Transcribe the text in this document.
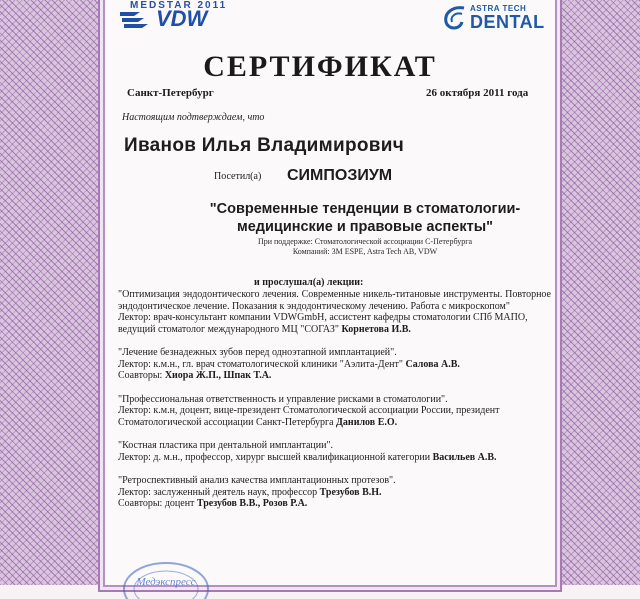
VDW	ASTRA TECH
DENTAL
СЕРТИФИКАТ
Санкт-Петербург	26 октября 2011 года
Настоящим подтверждаем, что
Иванов Илья Владимирович
Посетил(а) СИМПОЗИУМ
"Современные тенденции в стоматологии-
медицинские и правовые аспекты"
При поддержке: Стоматологической ассоциации С-Петербурга
Компаний: 3M ESPE, Astra Tech AB, VDW
и прослушал(а) лекции:
"Оптимизация эндодонтического лечения. Современные никель-титановые инструменты. Повторное эндодонтическое лечение. Показания к эндодонтическому лечению. Работа с микроскопом"
Лектор: врач-консультант компании VDWGmbH, ассистент кафедры стоматологии СПб МАПО, ведущий стоматолог международного МЦ "СОГАЗ" Корнетова И.В.
"Лечение безнадежных зубов перед одноэтапной имплантацией".
Лектор: к.м.н., гл. врач стоматологической клиники "Аэлита-Дент" Салова А.В.
Соавторы: Хиора Ж.П., Шпак Т.А.
"Профессиональная ответственность и управление рисками в стоматологии".
Лектор: к.м.н, доцент, вице-президент Стоматологической ассоциации России, президент Стоматологической ассоциации Санкт-Петербурга Данилов Е.О.
"Костная пластика при дентальной имплантации".
Лектор: д. м.н., профессор, хирург высшей квалификационной категории Васильев А.В.
"Ретроспективный анализ качества имплантационных протезов".
Лектор: заслуженный деятель наук, профессор Трезубов В.Н.
Соавторы: доцент Трезубов В.В., Розов Р.А.
Медэкспресс
